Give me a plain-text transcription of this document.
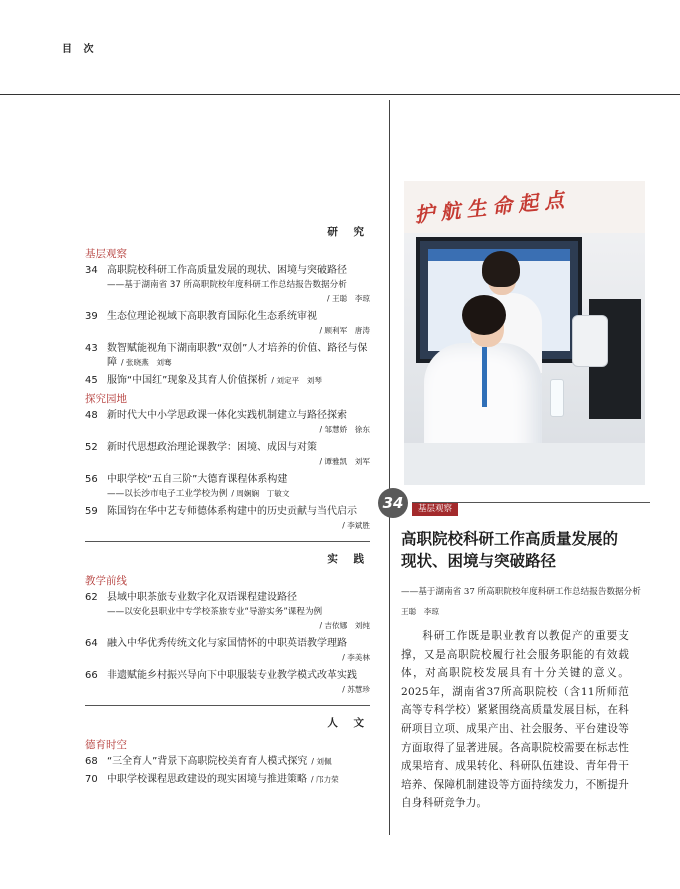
目 次
研 究
基层观察
34 高职院校科研工作高质量发展的现状、困境与突破路径
——基于湖南省 37 所高职院校年度科研工作总结报告数据分析
/ 王聪　李琼
39 生态位理论视域下高职教育国际化生态系统审视
/ 顾利军　唐涛
43 数智赋能视角下湖南职教“双创”人才培养的价值、路径与保障 / 张晓燕　刘骞
45 服饰“中国红”现象及其育人价值探析 / 刘定平　刘琴
探究园地
48 新时代大中小学思政课一体化实践机制建立与路径探索
/ 邹慧娇　徐东
52 新时代思想政治理论课教学：困境、成因与对策
/ 谭雅凯　刘军
56 中职学校“五自三阶”大德育课程体系构建
——以长沙市电子工业学校为例 / 周娴娴　丁敏文
59 陈国钧在华中艺专师德体系构建中的历史贡献与当代启示
/ 李斌胜
实 践
教学前线
62 县域中职茶旅专业数字化双语课程建设路径
——以安化县职业中专学校茶旅专业“导游实务”课程为例
/ 吉依娜　刘纯
64 融入中华优秀传统文化与家国情怀的中职英语教学理路
/ 李美林
66 非遗赋能乡村振兴导向下中职服装专业教学模式改革实践
/ 苏慧珍
人 文
德育时空
68 “三全育人”背景下高职院校美育育人模式探究 / 刘佩
70 中职学校课程思政建设的现实困境与推进策略 / 邝力荣
护航生命起点
34	基层观察
高职院校科研工作高质量发展的
现状、困境与突破路径
——基于湖南省 37 所高职院校年度科研工作总结报告数据分析
王聪　李琼
科研工作既是职业教育以教促产的重要支撑，又是高职院校履行社会服务职能的有效载体，对高职院校发展具有十分关键的意义。2025年，湖南省37所高职院校（含11所师范高等专科学校）紧紧围绕高质量发展目标，在科研项目立项、成果产出、社会服务、平台建设等方面取得了显著进展。各高职院校需要在标志性成果培育、成果转化、科研队伍建设、青年骨干培养、保障机制建设等方面持续发力，不断提升自身科研竞争力。
